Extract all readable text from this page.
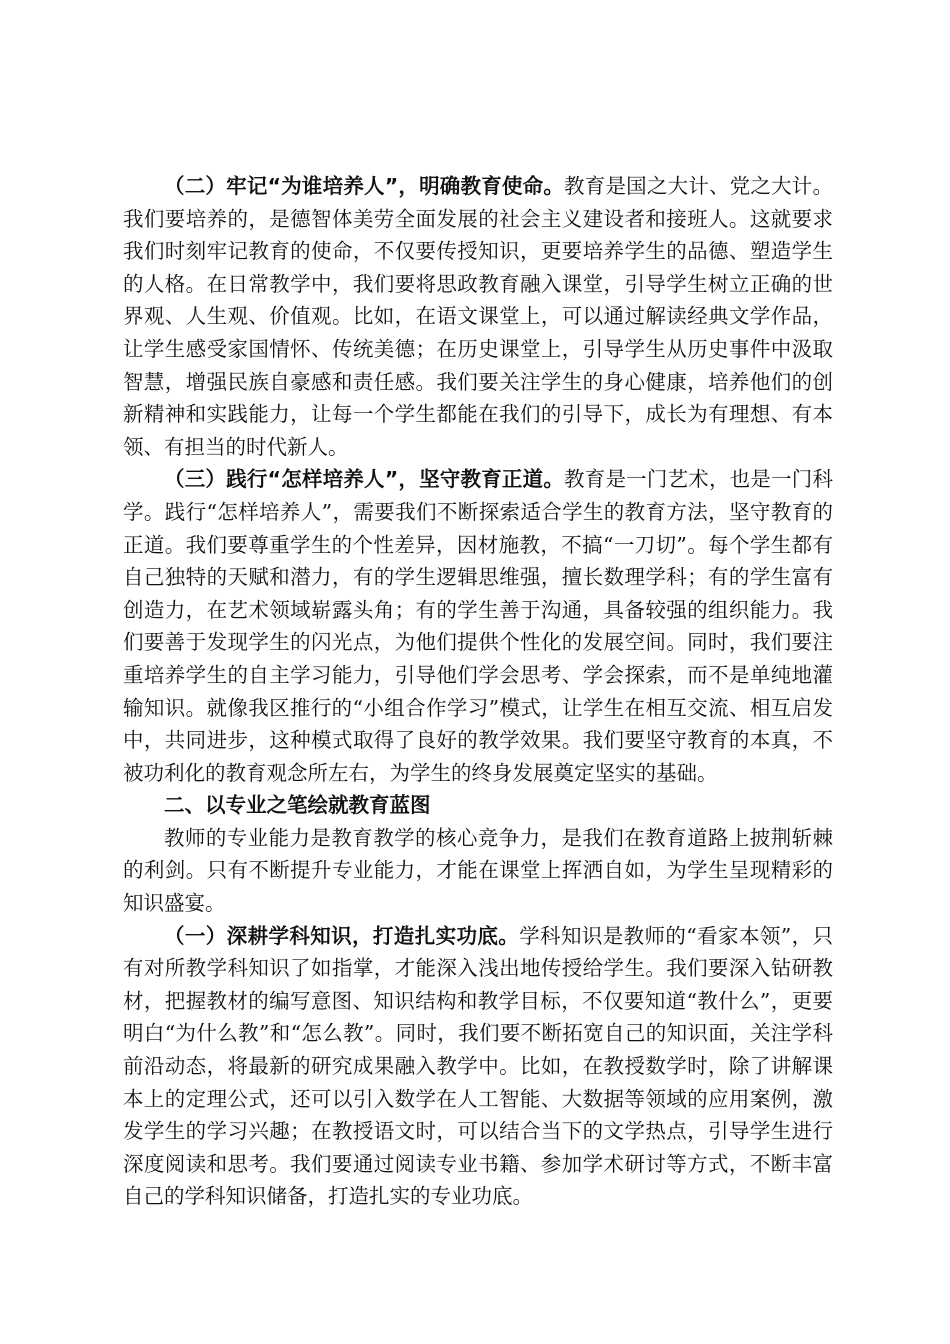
（二）牢记“为谁培养人”，明确教育使命。教育是国之大计、党之大计。我们要培养的，是德智体美劳全面发展的社会主义建设者和接班人。这就要求我们时刻牢记教育的使命，不仅要传授知识，更要培养学生的品德、塑造学生的人格。在日常教学中，我们要将思政教育融入课堂，引导学生树立正确的世界观、人生观、价值观。比如，在语文课堂上，可以通过解读经典文学作品，让学生感受家国情怀、传统美德；在历史课堂上，引导学生从历史事件中汲取智慧，增强民族自豪感和责任感。我们要关注学生的身心健康，培养他们的创新精神和实践能力，让每一个学生都能在我们的引导下，成长为有理想、有本领、有担当的时代新人。

（三）践行“怎样培养人”，坚守教育正道。教育是一门艺术，也是一门科学。践行“怎样培养人”，需要我们不断探索适合学生的教育方法，坚守教育的正道。我们要尊重学生的个性差异，因材施教，不搞“一刀切”。每个学生都有自己独特的天赋和潜力，有的学生逻辑思维强，擅长数理学科；有的学生富有创造力，在艺术领域崭露头角；有的学生善于沟通，具备较强的组织能力。我们要善于发现学生的闪光点，为他们提供个性化的发展空间。同时，我们要注重培养学生的自主学习能力，引导他们学会思考、学会探索，而不是单纯地灌输知识。就像我区推行的“小组合作学习”模式，让学生在相互交流、相互启发中，共同进步，这种模式取得了良好的教学效果。我们要坚守教育的本真，不被功利化的教育观念所左右，为学生的终身发展奠定坚实的基础。

二、以专业之笔绘就教育蓝图

教师的专业能力是教育教学的核心竞争力，是我们在教育道路上披荆斩棘的利剑。只有不断提升专业能力，才能在课堂上挥洒自如，为学生呈现精彩的知识盛宴。

（一）深耕学科知识，打造扎实功底。学科知识是教师的“看家本领”，只有对所教学科知识了如指掌，才能深入浅出地传授给学生。我们要深入钻研教材，把握教材的编写意图、知识结构和教学目标，不仅要知道“教什么”，更要明白“为什么教”和“怎么教”。同时，我们要不断拓宽自己的知识面，关注学科前沿动态，将最新的研究成果融入教学中。比如，在教授数学时，除了讲解课本上的定理公式，还可以引入数学在人工智能、大数据等领域的应用案例，激发学生的学习兴趣；在教授语文时，可以结合当下的文学热点，引导学生进行深度阅读和思考。我们要通过阅读专业书籍、参加学术研讨等方式，不断丰富自己的学科知识储备，打造扎实的专业功底。
